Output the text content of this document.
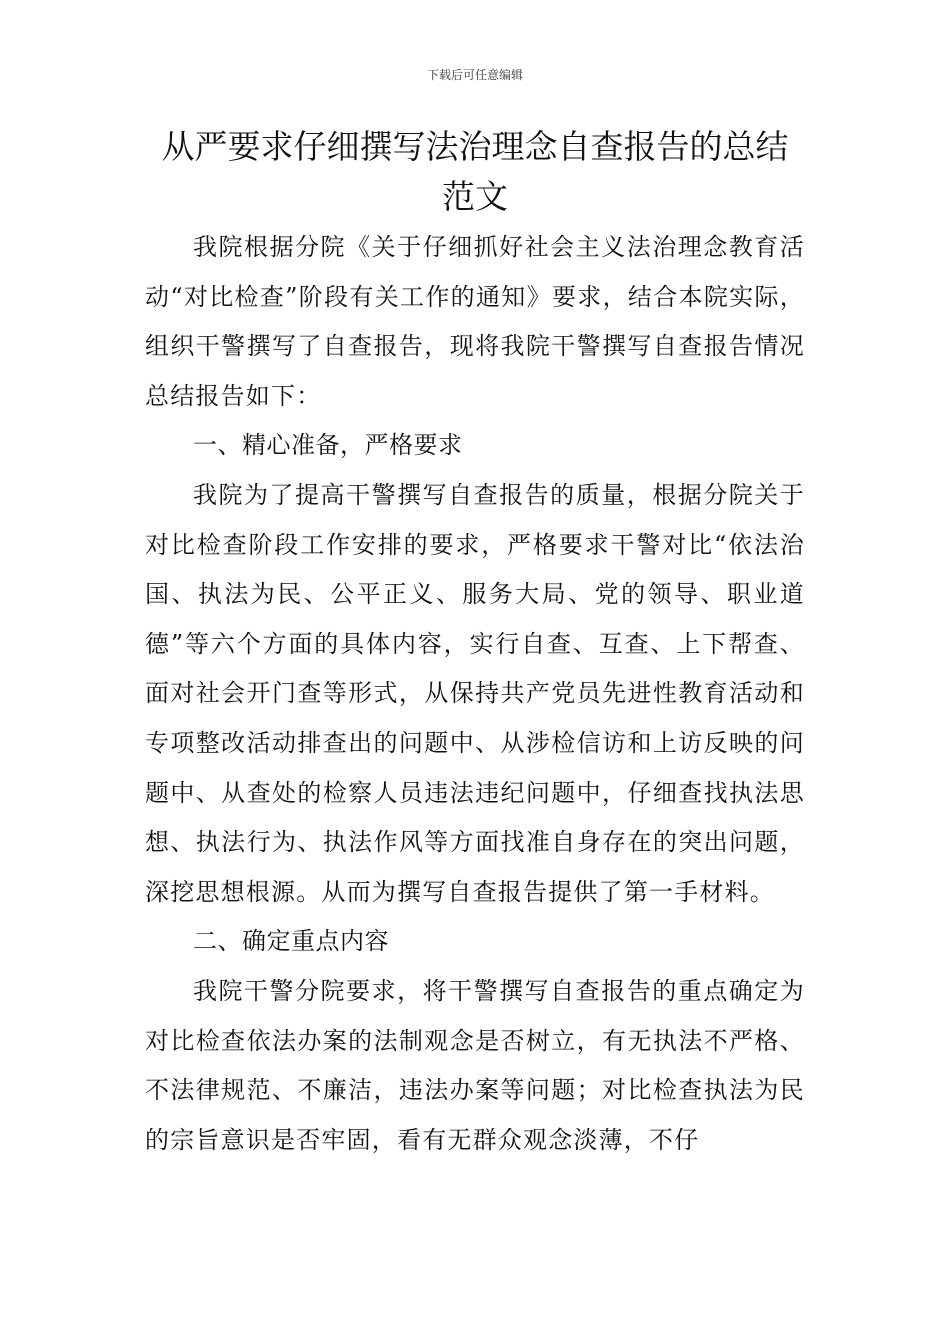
下载后可任意编辑
从严要求仔细撰写法治理念自查报告的总结范文

我院根据分院《关于仔细抓好社会主义法治理念教育活动“对比检查”阶段有关工作的通知》要求，结合本院实际，组织干警撰写了自查报告，现将我院干警撰写自查报告情况总结报告如下：

一、精心准备，严格要求

我院为了提高干警撰写自查报告的质量，根据分院关于对比检查阶段工作安排的要求，严格要求干警对比“依法治国、执法为民、公平正义、服务大局、党的领导、职业道德”等六个方面的具体内容，实行自查、互查、上下帮查、面对社会开门查等形式，从保持共产党员先进性教育活动和专项整改活动排查出的问题中、从涉检信访和上访反映的问题中、从查处的检察人员违法违纪问题中，仔细查找执法思想、执法行为、执法作风等方面找准自身存在的突出问题，深挖思想根源。从而为撰写自查报告提供了第一手材料。

二、确定重点内容

我院干警分院要求，将干警撰写自查报告的重点确定为对比检查依法办案的法制观念是否树立，有无执法不严格、不法律规范、不廉洁，违法办案等问题；对比检查执法为民的宗旨意识是否牢固，看有无群众观念淡薄，不仔
